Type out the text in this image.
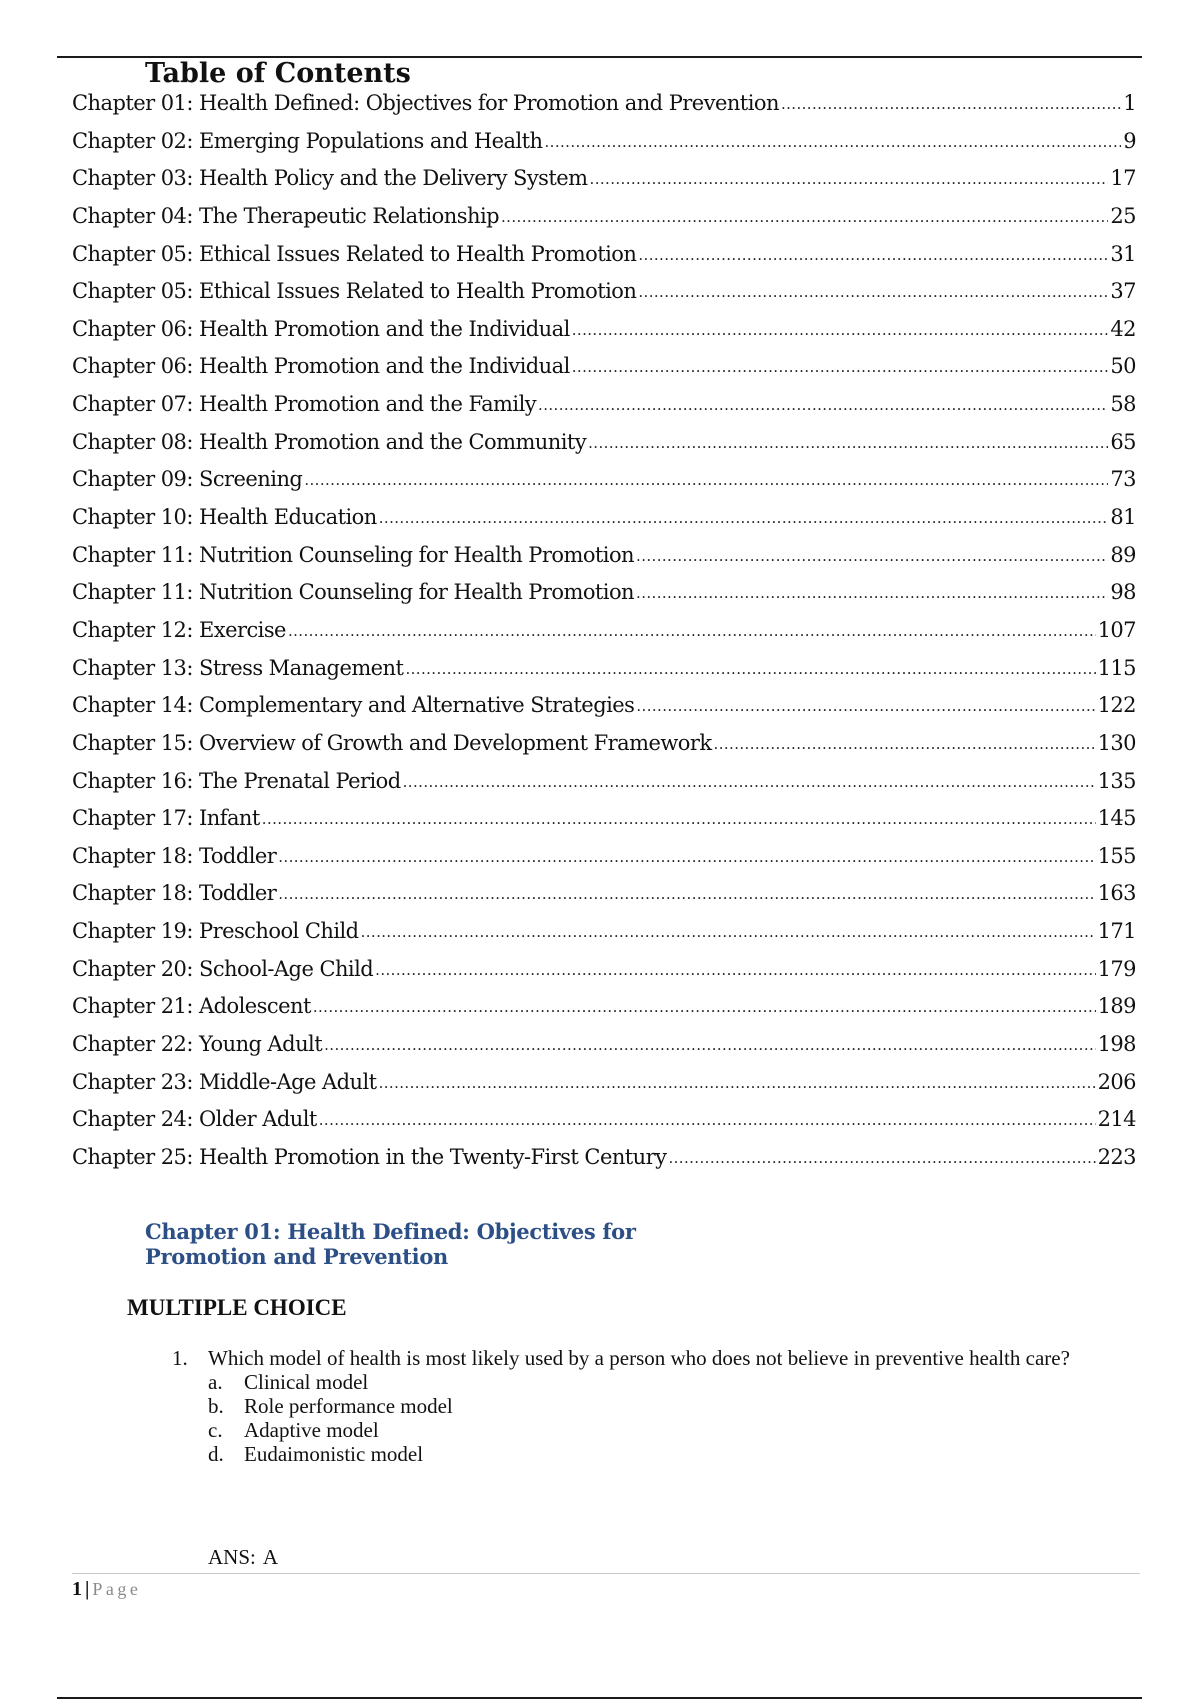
Table of Contents
Chapter 01: Health Defined: Objectives for Promotion and Prevention .....	1
Chapter 02: Emerging Populations and Health .....	9
Chapter 03: Health Policy and the Delivery System .....	17
Chapter 04: The Therapeutic Relationship .....	25
Chapter 05: Ethical Issues Related to Health Promotion .....	31
Chapter 05: Ethical Issues Related to Health Promotion .....	37
Chapter 06: Health Promotion and the Individual .....	42
Chapter 06: Health Promotion and the Individual .....	50
Chapter 07: Health Promotion and the Family .....	58
Chapter 08: Health Promotion and the Community .....	65
Chapter 09: Screening .....	73
Chapter 10: Health Education .....	81
Chapter 11: Nutrition Counseling for Health Promotion .....	89
Chapter 11: Nutrition Counseling for Health Promotion .....	98
Chapter 12: Exercise .....	107
Chapter 13: Stress Management .....	115
Chapter 14: Complementary and Alternative Strategies .....	122
Chapter 15: Overview of Growth and Development Framework .....	130
Chapter 16: The Prenatal Period .....	135
Chapter 17: Infant .....	145
Chapter 18: Toddler .....	155
Chapter 18: Toddler .....	163
Chapter 19: Preschool Child .....	171
Chapter 20: School-Age Child .....	179
Chapter 21: Adolescent .....	189
Chapter 22: Young Adult .....	198
Chapter 23: Middle-Age Adult .....	206
Chapter 24: Older Adult .....	214
Chapter 25: Health Promotion in the Twenty-First Century .....	223
Chapter 01: Health Defined: Objectives for Promotion and Prevention
MULTIPLE CHOICE
1. Which model of health is most likely used by a person who does not believe in preventive health care?
a.	Clinical model
b. Role performance model
c.	Adaptive model
d. Eudaimonistic model
ANS: A
1 | Page
